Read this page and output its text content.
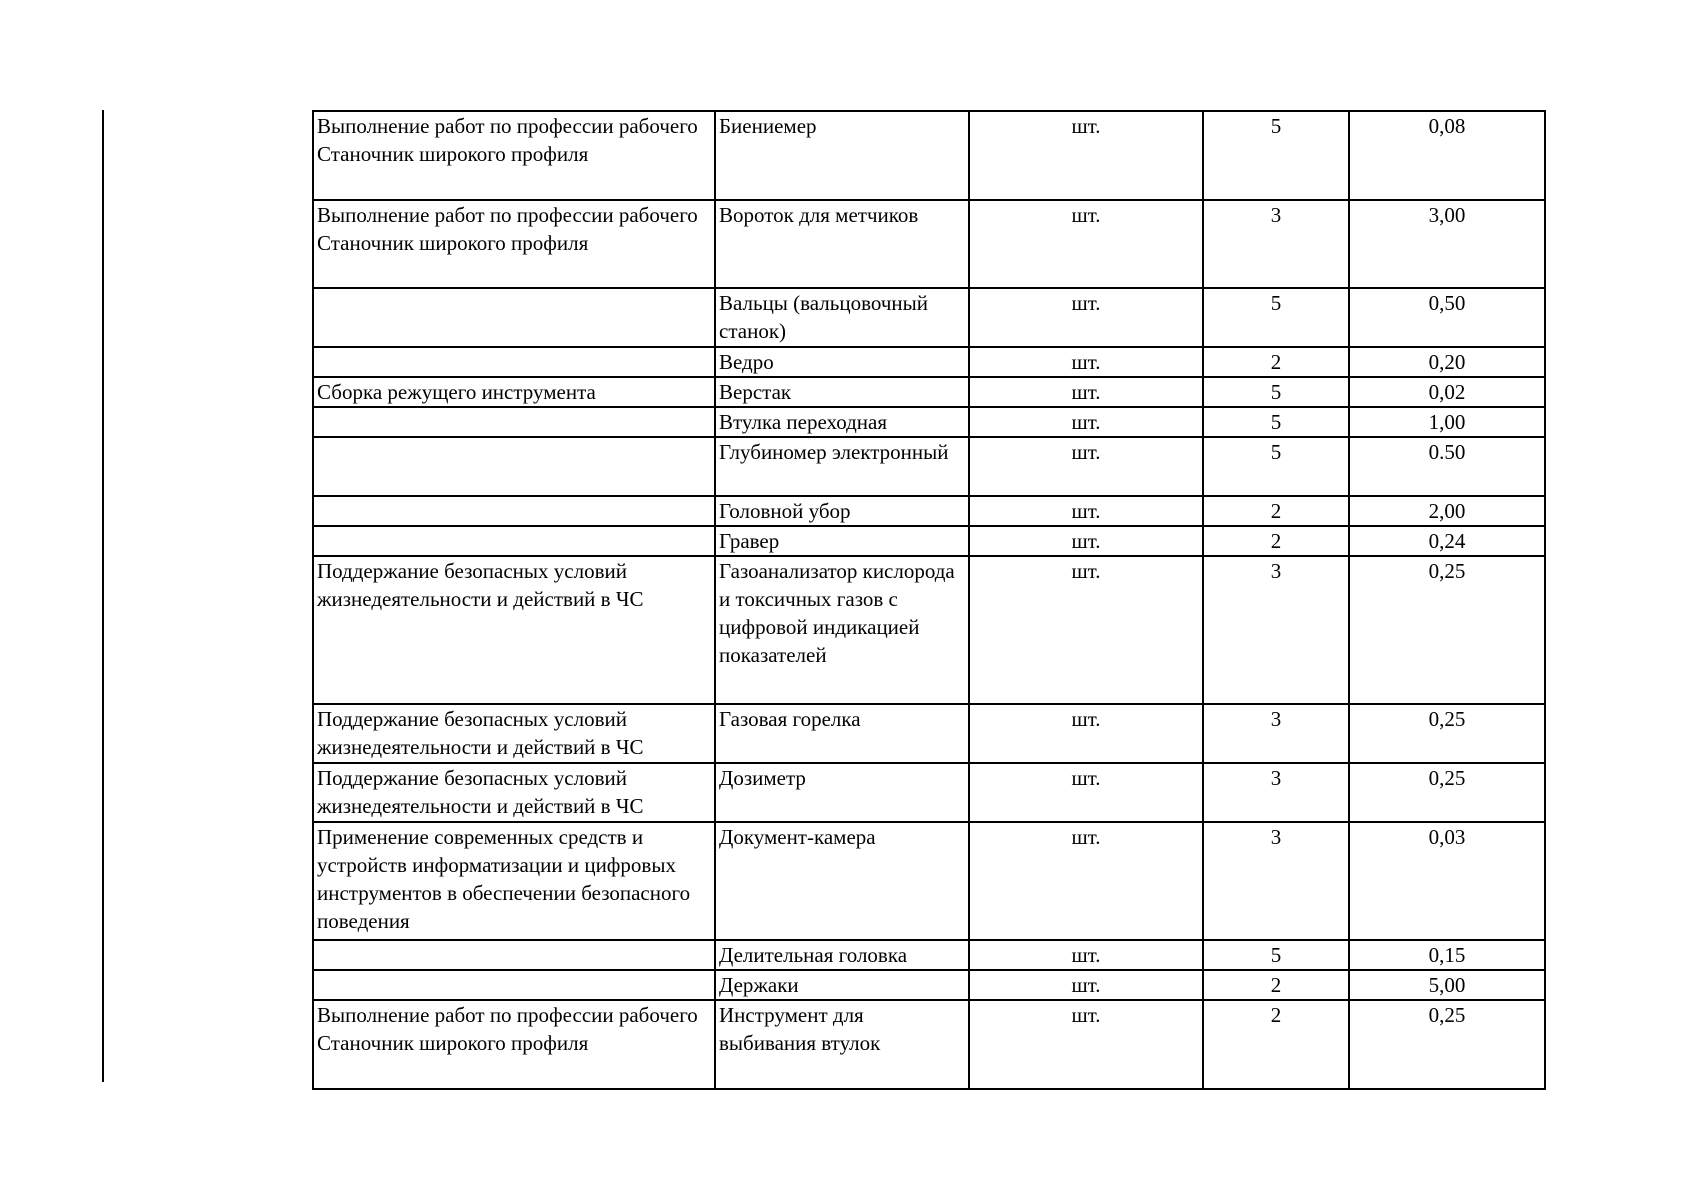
Выполнение работ по профессии рабочего Станочник широкого профиля	Биениемер	шт.	5	0,08
Выполнение работ по профессии рабочего Станочник широкого профиля	Вороток для метчиков	шт.	3	3,00
	Вальцы (вальцовочный станок)	шт.	5	0,50
	Ведро	шт.	2	0,20
Сборка режущего инструмента	Верстак	шт.	5	0,02
	Втулка переходная	шт.	5	1,00
	Глубиномер электронный	шт.	5	0.50
	Головной убор	шт.	2	2,00
	Гравер	шт.	2	0,24
Поддержание безопасных условий жизнедеятельности и действий в ЧС	Газоанализатор кислорода и токсичных газов с цифровой индикацией показателей	шт.	3	0,25
Поддержание безопасных условий жизнедеятельности и действий в ЧС	Газовая горелка	шт.	3	0,25
Поддержание безопасных условий жизнедеятельности и действий в ЧС	Дозиметр	шт.	3	0,25
Применение современных средств и устройств информатизации и цифровых инструментов в обеспечении безопасного поведения	Документ-камера	шт.	3	0,03
	Делительная головка	шт.	5	0,15
	Держаки	шт.	2	5,00
Выполнение работ по профессии рабочего Станочник широкого профиля	Инструмент для выбивания втулок	шт.	2	0,25
